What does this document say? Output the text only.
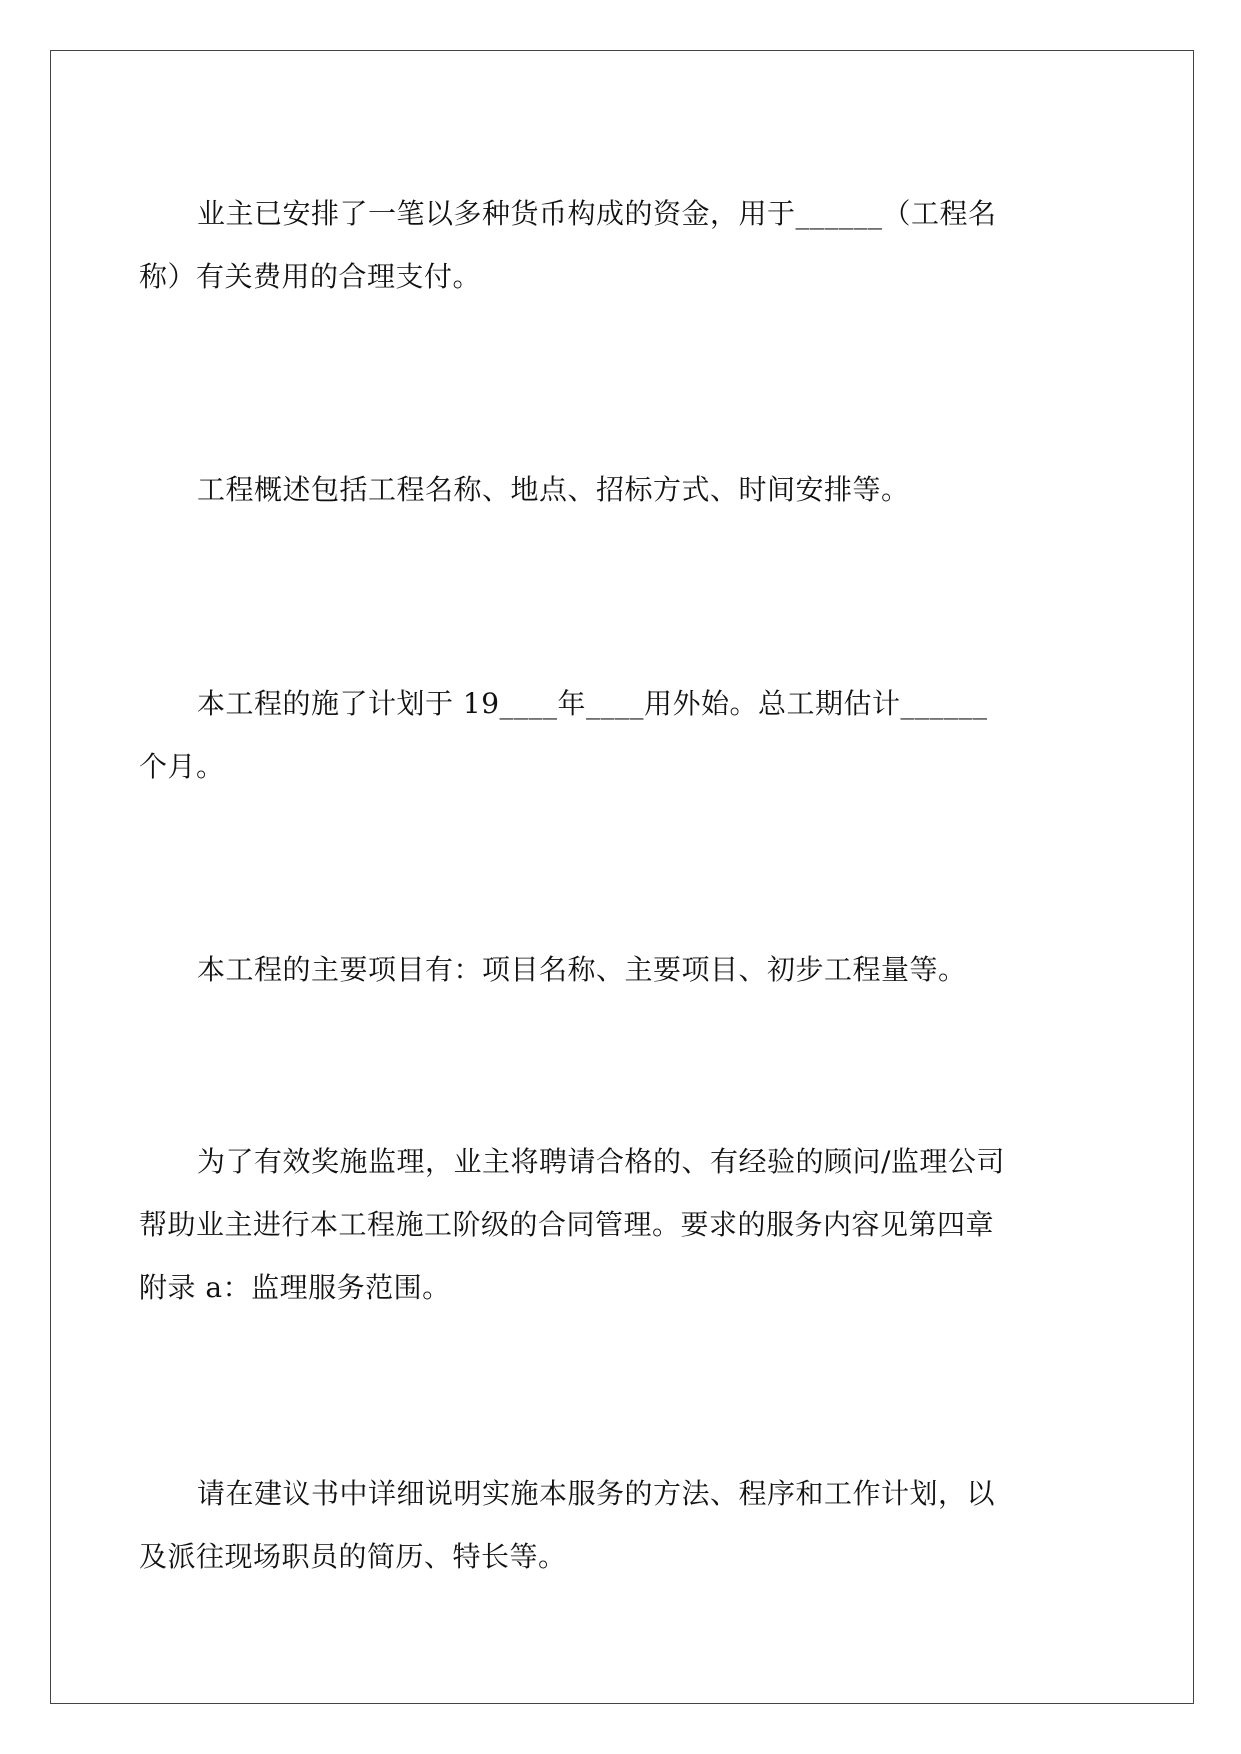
业主已安排了一笔以多种货币构成的资金，用于______（工程名称）有关费用的合理支付。

工程概述包括工程名称、地点、招标方式、时间安排等。

本工程的施了计划于 19____年____用外始。总工期估计______个月。

本工程的主要项目有：项目名称、主要项目、初步工程量等。

为了有效奖施监理，业主将聘请合格的、有经验的顾问/监理公司帮助业主进行本工程施工阶级的合同管理。要求的服务内容见第四章附录 a：监理服务范围。

请在建议书中详细说明实施本服务的方法、程序和工作计划，以及派往现场职员的简历、特长等。
